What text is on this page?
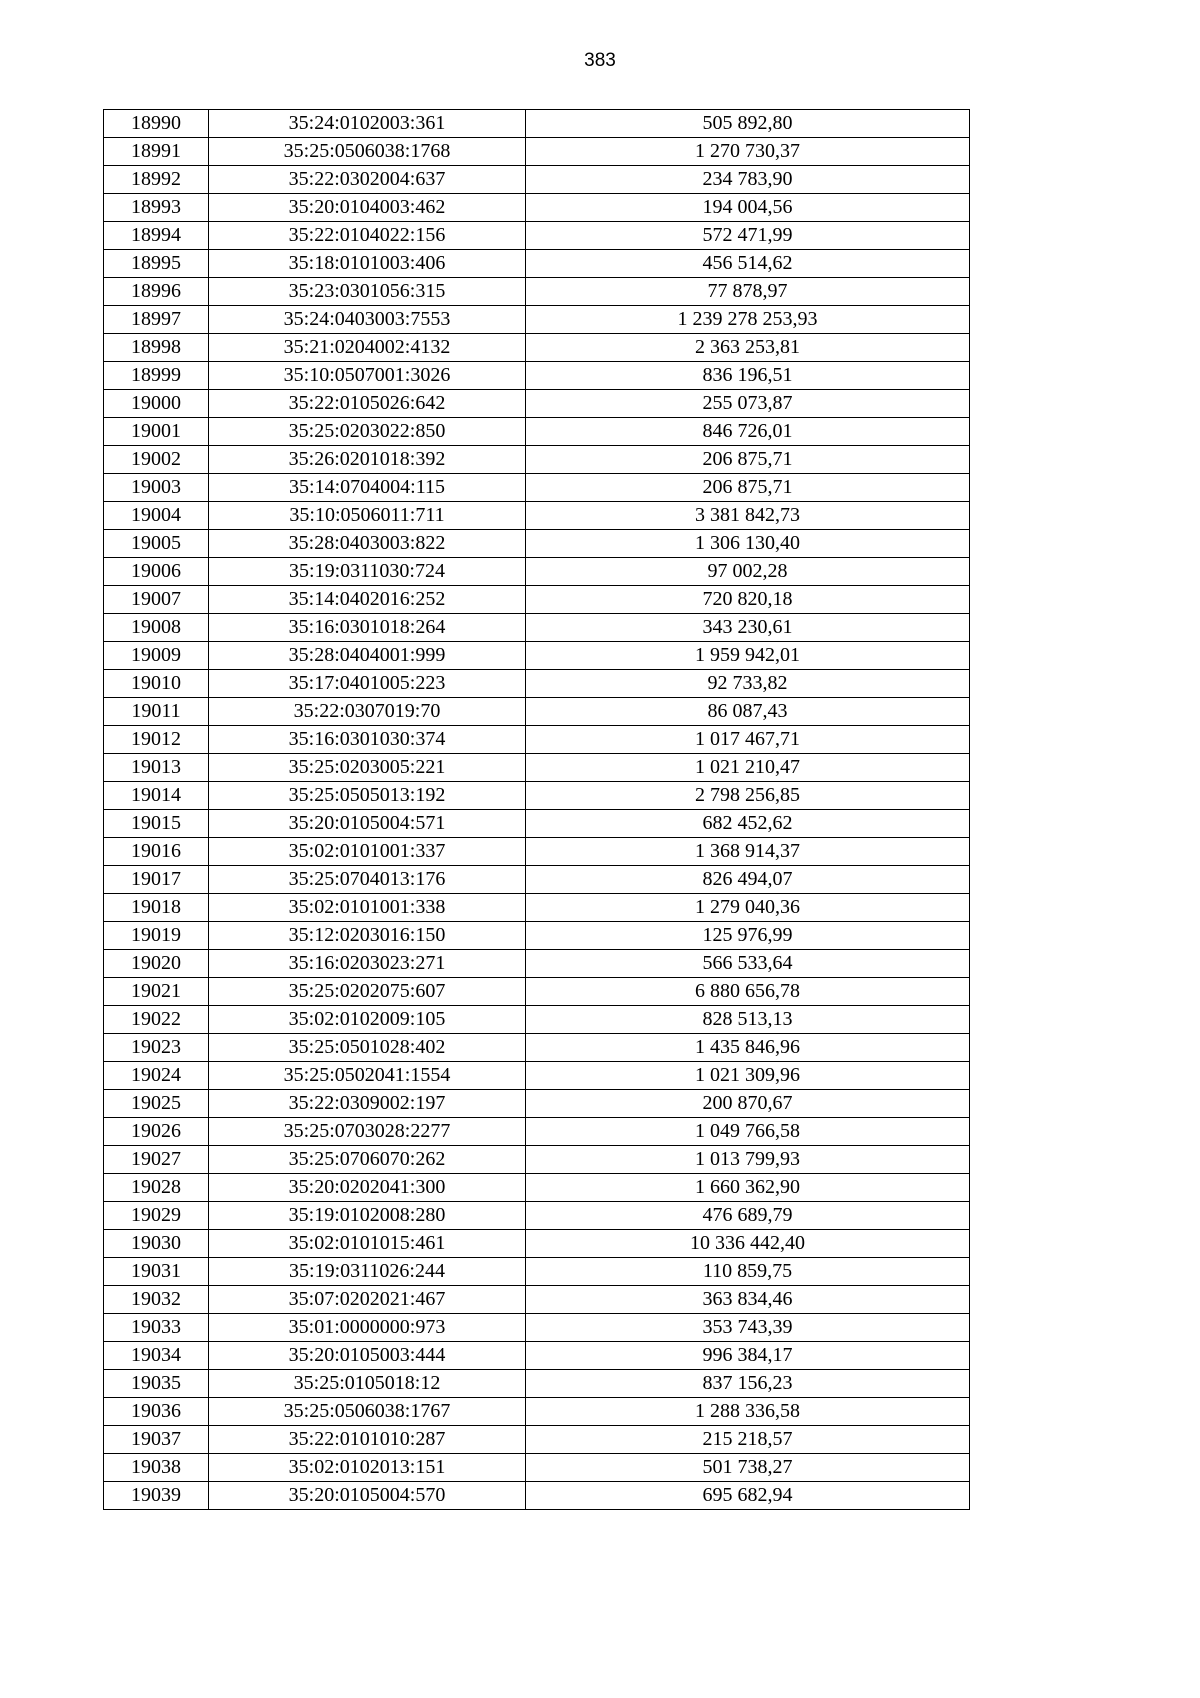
383
18990	35:24:0102003:361	505 892,80
18991	35:25:0506038:1768	1 270 730,37
18992	35:22:0302004:637	234 783,90
18993	35:20:0104003:462	194 004,56
18994	35:22:0104022:156	572 471,99
18995	35:18:0101003:406	456 514,62
18996	35:23:0301056:315	77 878,97
18997	35:24:0403003:7553	1 239 278 253,93
18998	35:21:0204002:4132	2 363 253,81
18999	35:10:0507001:3026	836 196,51
19000	35:22:0105026:642	255 073,87
19001	35:25:0203022:850	846 726,01
19002	35:26:0201018:392	206 875,71
19003	35:14:0704004:115	206 875,71
19004	35:10:0506011:711	3 381 842,73
19005	35:28:0403003:822	1 306 130,40
19006	35:19:0311030:724	97 002,28
19007	35:14:0402016:252	720 820,18
19008	35:16:0301018:264	343 230,61
19009	35:28:0404001:999	1 959 942,01
19010	35:17:0401005:223	92 733,82
19011	35:22:0307019:70	86 087,43
19012	35:16:0301030:374	1 017 467,71
19013	35:25:0203005:221	1 021 210,47
19014	35:25:0505013:192	2 798 256,85
19015	35:20:0105004:571	682 452,62
19016	35:02:0101001:337	1 368 914,37
19017	35:25:0704013:176	826 494,07
19018	35:02:0101001:338	1 279 040,36
19019	35:12:0203016:150	125 976,99
19020	35:16:0203023:271	566 533,64
19021	35:25:0202075:607	6 880 656,78
19022	35:02:0102009:105	828 513,13
19023	35:25:0501028:402	1 435 846,96
19024	35:25:0502041:1554	1 021 309,96
19025	35:22:0309002:197	200 870,67
19026	35:25:0703028:2277	1 049 766,58
19027	35:25:0706070:262	1 013 799,93
19028	35:20:0202041:300	1 660 362,90
19029	35:19:0102008:280	476 689,79
19030	35:02:0101015:461	10 336 442,40
19031	35:19:0311026:244	110 859,75
19032	35:07:0202021:467	363 834,46
19033	35:01:0000000:973	353 743,39
19034	35:20:0105003:444	996 384,17
19035	35:25:0105018:12	837 156,23
19036	35:25:0506038:1767	1 288 336,58
19037	35:22:0101010:287	215 218,57
19038	35:02:0102013:151	501 738,27
19039	35:20:0105004:570	695 682,94
